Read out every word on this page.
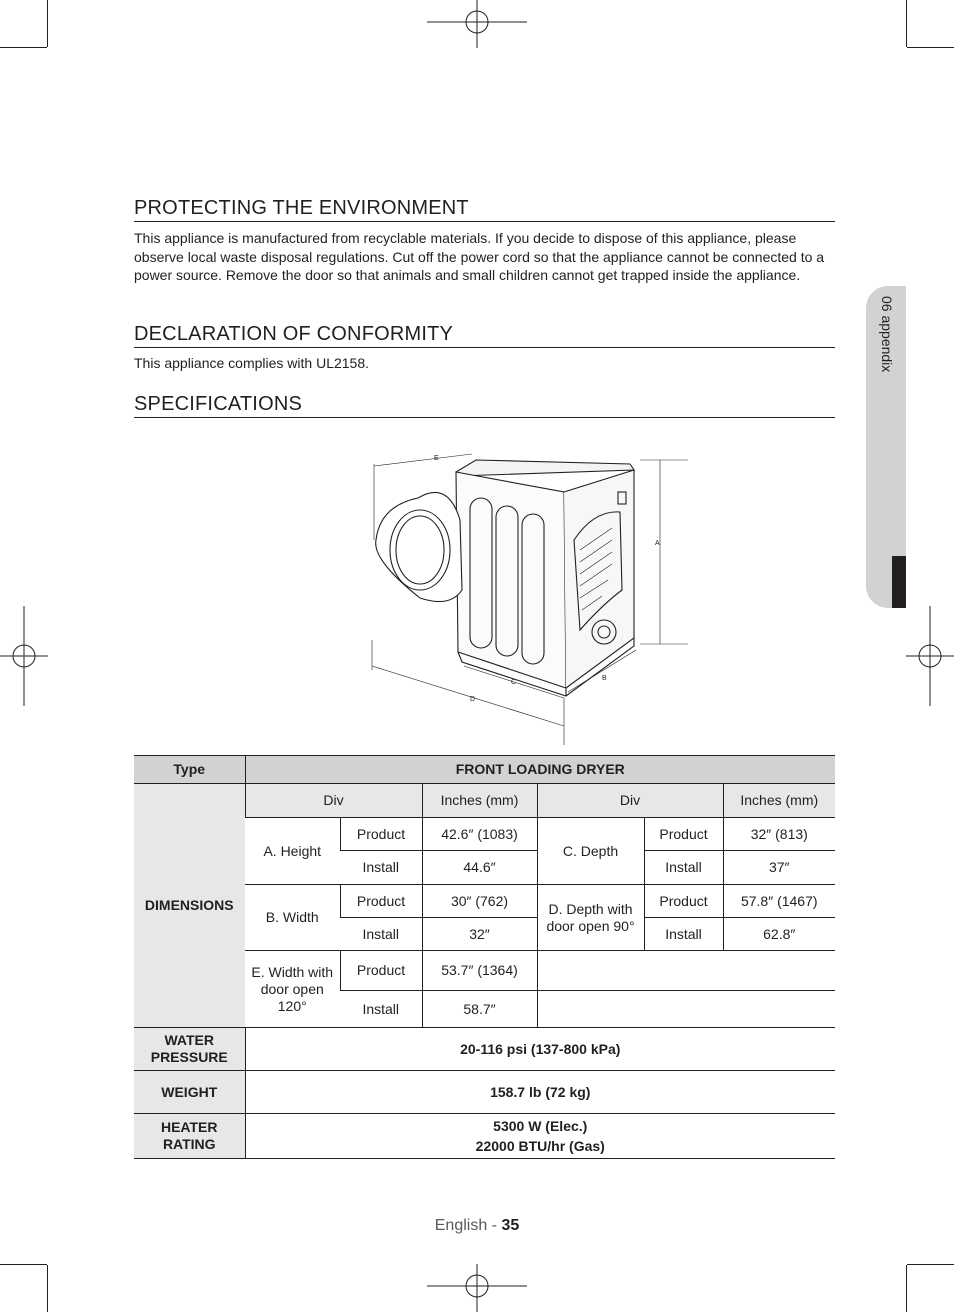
06 appendix
PROTECTING THE ENVIRONMENT

This appliance is manufactured from recyclable materials. If you decide to dispose of this appliance, please observe local waste disposal regulations. Cut off the power cord so that the appliance cannot be connected to a power source. Remove the door so that animals and small children cannot get trapped inside the appliance.

DECLARATION OF CONFORMITY

This appliance complies with UL2158.

SPECIFICATIONS
E
A
B
C
D
Type	FRONT LOADING DRYER					
DIMENSIONS	Div		Inches (mm)	Div		Inches (mm)
	A. Height	Product	42.6″ (1083)	C. Depth	Product	32″ (813)
		Install	44.6″		Install	37″
	B. Width	Product	30″ (762)	D. Depth with door open 90°	Product	57.8″ (1467)
		Install	32″		Install	62.8″
	E. Width with door open 120°	Product	53.7″ (1364)			
		Install	58.7″			
WATER PRESSURE	20-116 psi (137-800 kPa)					
WEIGHT	158.7 lb (72 kg)					
HEATER RATING	5300 W (Elec.)
22000 BTU/hr (Gas)					
English - 35
